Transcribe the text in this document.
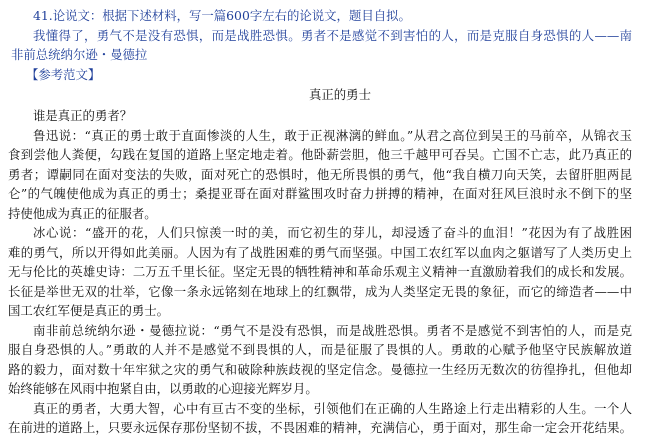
41.论说文：根据下述材料，写一篇600字左右的论说文，题目自拟。
我懂得了，勇气不是没有恐惧，而是战胜恐惧。勇者不是感觉不到害怕的人，而是克服自身恐惧的人——南
非前总统纳尔逊・曼德拉
【参考范文】
真正的勇士
谁是真正的勇者？
鲁迅说：“真正的勇士敢于直面惨淡的人生，敢于正视淋漓的鲜血。”从君之高位到吴王的马前卒，从锦衣玉
食到尝他人粪便，勾践在复国的道路上坚定地走着。他卧薪尝胆，他三千越甲可吞吴。亡国不亡志，此乃真正的
勇者；谭嗣同在面对变法的失败，面对死亡的恐惧时，他无所畏惧的勇气，他“我自横刀向天笑，去留肝胆两昆
仑”的气魄使他成为真正的勇士；桑提亚哥在面对群鲨围攻时奋力拼搏的精神，在面对狂风巨浪时永不倒下的坚
持使他成为真正的征服者。
冰心说：“盛开的花，人们只惊羡一时的美，而它初生的芽儿，却浸透了奋斗的血泪！”花因为有了战胜困
难的勇气，所以开得如此美丽。人因为有了战胜困难的勇气而坚强。中国工农红军以血肉之躯谱写了人类历史上
无与伦比的英雄史诗：二万五千里长征。坚定无畏的牺牲精神和革命乐观主义精神一直激励着我们的成长和发展。
长征是举世无双的壮举，它像一条永远铭刻在地球上的红飘带，成为人类坚定无畏的象征，而它的缔造者——中
国工农红军便是真正的勇士。
南非前总统纳尔逊・曼德拉说：“勇气不是没有恐惧，而是战胜恐惧。勇者不是感觉不到害怕的人，而是克
服自身恐惧的人。”勇敢的人并不是感觉不到畏惧的人，而是征服了畏惧的人。勇敢的心赋予他坚守民族解放道
路的毅力，面对数十年牢狱之灾的勇气和破除种族歧视的坚定信念。曼德拉一生经历无数次的彷徨挣扎，但他却
始终能够在风雨中抱紧自由，以勇敢的心迎接光辉岁月。
真正的勇者，大勇大智，心中有亘古不变的坐标，引领他们在正确的人生路途上行走出精彩的人生。一个人
在前进的道路上，只要永远保存那份坚韧不拔，不畏困难的精神，充满信心，勇于面对，那生命一定会开花结果。
